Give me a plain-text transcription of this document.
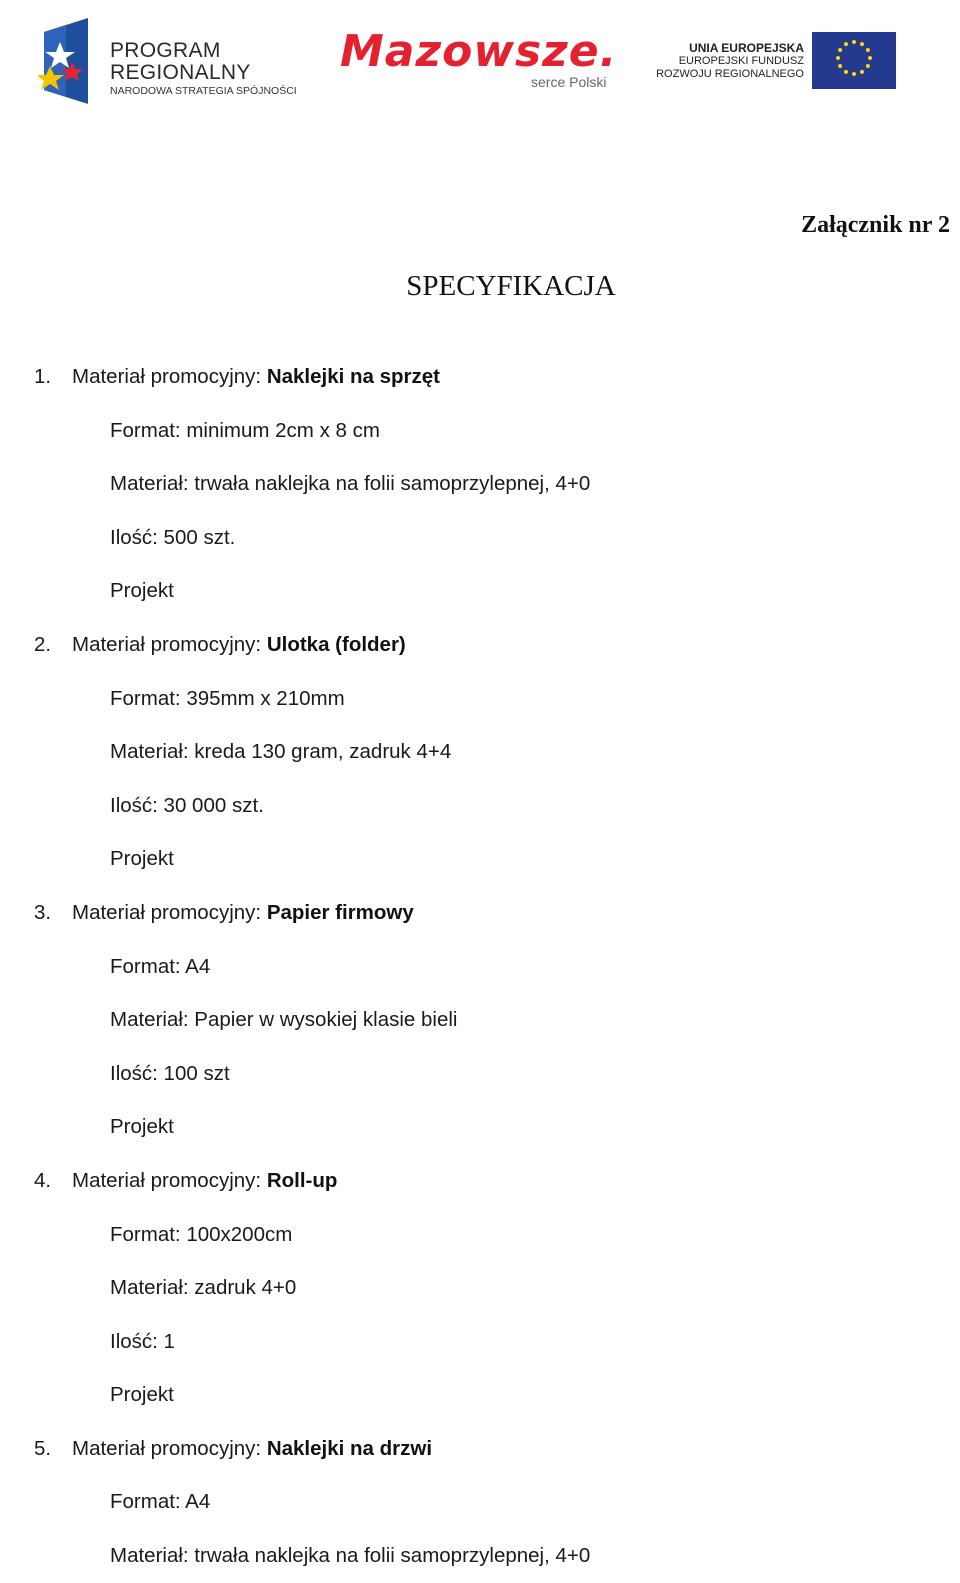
PROGRAM
REGIONALNY
NARODOWA STRATEGIA SPÓJNOŚCI
Mazowsze.
serce Polski
UNIA EUROPEJSKA
EUROPEJSKI FUNDUSZ
ROZWOJU REGIONALNEGO
Załącznik nr 2
SPECYFIKACJA
1. Materiał promocyjny: Naklejki na sprzęt
Format: minimum 2cm x 8 cm
Materiał: trwała naklejka na folii samoprzylepnej, 4+0
Ilość: 500 szt.
Projekt
2. Materiał promocyjny: Ulotka (folder)
Format: 395mm x 210mm
Materiał: kreda 130 gram, zadruk 4+4
Ilość: 30 000 szt.
Projekt
3. Materiał promocyjny: Papier firmowy
Format: A4
Materiał: Papier w wysokiej klasie bieli
Ilość: 100 szt
Projekt
4. Materiał promocyjny: Roll-up
Format: 100x200cm
Materiał: zadruk 4+0
Ilość: 1
Projekt
5. Materiał promocyjny: Naklejki na drzwi
Format: A4
Materiał: trwała naklejka na folii samoprzylepnej, 4+0
